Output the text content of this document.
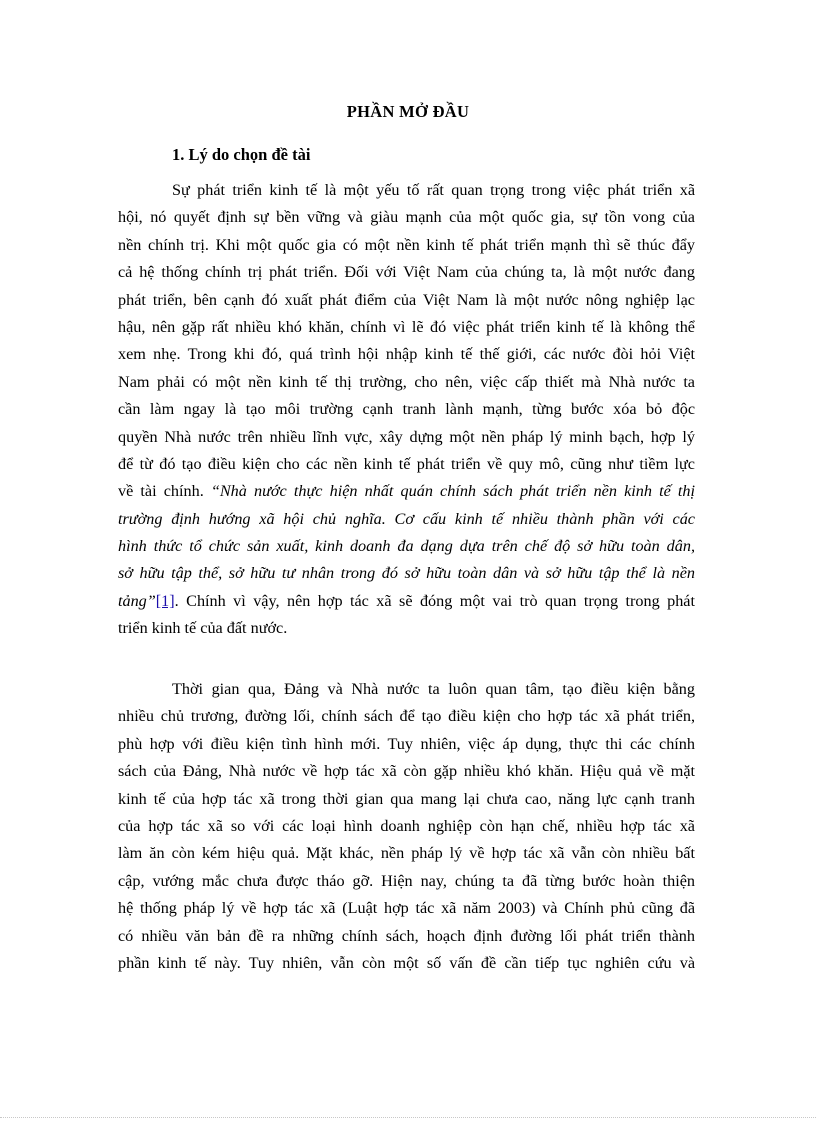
PHẦN MỞ ĐẦU
1. Lý do chọn đề tài
Sự phát triển kinh tế là một yếu tố rất quan trọng trong việc phát triển xã
hội, nó quyết định sự bền vững và giàu mạnh của một quốc gia, sự tồn vong của
nền chính trị. Khi một quốc gia có một nền kinh tế phát triển mạnh thì sẽ thúc đẩy
cả hệ thống chính trị phát triển. Đối với Việt Nam của chúng ta, là một nước đang
phát triển, bên cạnh đó xuất phát điểm của Việt Nam là một nước nông nghiệp lạc
hậu, nên gặp rất nhiều khó khăn, chính vì lẽ đó việc phát triển kinh tế là không thể
xem nhẹ. Trong khi đó, quá trình hội nhập kinh tế thế giới, các nước đòi hỏi Việt
Nam phải có một nền kinh tế thị trường, cho nên, việc cấp thiết mà Nhà nước ta
cần làm ngay là tạo môi trường cạnh tranh lành mạnh, từng bước xóa bỏ độc
quyền Nhà nước trên nhiều lĩnh vực, xây dựng một nền pháp lý minh bạch, hợp lý
để từ đó tạo điều kiện cho các nền kinh tế phát triển về quy mô, cũng như tiềm lực
về tài chính. “Nhà nước thực hiện nhất quán chính sách phát triển nền kinh tế thị
trường định hướng xã hội chủ nghĩa. Cơ cấu kinh tế nhiều thành phần với các
hình thức tổ chức sản xuất, kinh doanh đa dạng dựa trên chế độ sở hữu toàn dân,
sở hữu tập thể, sở hữu tư nhân trong đó sở hữu toàn dân và sở hữu tập thể là nền
tảng”[1]. Chính vì vậy, nên hợp tác xã sẽ đóng một vai trò quan trọng trong phát
triển kinh tế của đất nước.
Thời gian qua, Đảng và Nhà nước ta luôn quan tâm, tạo điều kiện bằng
nhiều chủ trương, đường lối, chính sách để tạo điều kiện cho hợp tác xã phát triển,
phù hợp với điều kiện tình hình mới. Tuy nhiên, việc áp dụng, thực thi các chính
sách của Đảng, Nhà nước về hợp tác xã còn gặp nhiều khó khăn. Hiệu quả về mặt
kinh tế của hợp tác xã trong thời gian qua mang lại chưa cao, năng lực cạnh tranh
của hợp tác xã so với các loại hình doanh nghiệp còn hạn chế, nhiều hợp tác xã
làm ăn còn kém hiệu quả. Mặt khác, nền pháp lý về hợp tác xã vẫn còn nhiều bất
cập, vướng mắc chưa được tháo gỡ. Hiện nay, chúng ta đã từng bước hoàn thiện
hệ thống pháp lý về hợp tác xã (Luật hợp tác xã năm 2003) và Chính phủ cũng đã
có nhiều văn bản đề ra những chính sách, hoạch định đường lối phát triển thành
phần kinh tế này. Tuy nhiên, vẫn còn một số vấn đề cần tiếp tục nghiên cứu và
